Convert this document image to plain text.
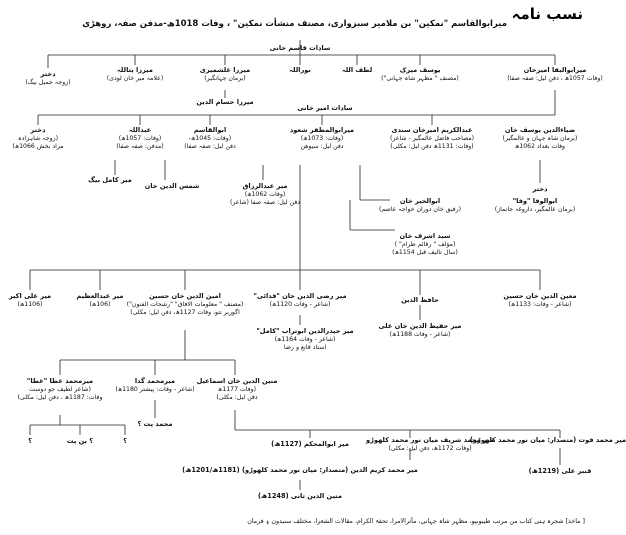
نسب نامہ
میرابوالقاسم "نمکین" بن ملامیر سبزواری، مصنف منشأت نمکین" ، وفات 1018ھ-مدفن صفہ، روھڑی
سادات قاسم خانی
میرابوالبقا امیرخان
(وفات 1057ھ ، دفن لیل: صفہ صفا)
یوسف میرک
(مصنف " مظہر شاہ جہانی")
لطف اللہ
نوراللہ
میرزا علشمیری
(برمان جہانگیر)
میرزا یتاللہ
(علامہ میر خان لودی)
دختر
(زوجہ جمیل بیگ)
میرزا حسام الدین
سادات امیر خانی
ضیاءالدین یوسف خان
(برمان شاہ جہان و عالمگیر)
وفات بغداد 1062ھ
عبدالکریم امیرخان سندی
(مصاحب فاضل عالمگیر - شاعر)
(وفات: 1131ھ دفن لیل: مکلی)
میرابوالمظفر شعود
(وفات: 1073ھ)
دفن لیل: سیوهن
ابوالقاسم
(وفات: 1045ھ-
دفن لیل: صفہ صفا)
عبداللہ
(وفات: 1057ھ)
(مدفن: صفہ صفا)
دختر
(زوجہ شاہزادہ
مراد بخش 1066ھ)
میر کامل بیگ
شمس الدین خان	میر عبدالرزاق
(وفات 1062ھ)
دفن لیل: صفہ صفا (شاعر)
دختر
ابوالوفا "وفا"
(برمان عالمگیر، داروغہ جانماز)
ابوالخیر خان
(رفیق خان دوران خواجہ عاصم)
سید اشرف خان
(مؤلف " رقائم طرام" )
(سال تالیف قبل 1154ھ)
میر علی اکبر
(1106ھ)
میر عبدالعظیم
(106ھ)
امین الدین خان حسین
(مصنف " معلومات الافاق" "رشحات الفنون")
اگوربر تتو، وفات 1127ھ، دفن لیل: مکلی)
میر رضی الدین خان "فدائی"
(شاعر - وفات 1120ھ)
حافظ الدین	معین الدین خان حسین
(شاعر - وفات: 1133ھ)
میر حیدرالدین ابوتراب "کامل"
(شاعر - وفات 1164ھ)
استاد قانع و رضا
میر حفیظ الدین خان علی
(شاعر - وفات 1188ھ)
میرمحمد عطا "عطا"
(شاعر لطیف جو دوست
وفات: 1187ھ ، دفن لیل: مکلی)
میرمحمد گدا
(شاعر - وفات: پیشتر 1180ھ)
متین الدین خان اسماعیل
(وفات 1177ھ
دفن لیل: مکلی)
محمد پت ؟
؟	؟ بن پت	؟	میر ابوالمحکم (1127ھ)	میر محمد شریف میان نور محمد کلھوڑو
(وفات 1172ھ، دفن لیل: مکلی)
میر محمد فوت (متصدار: میان نور محمد کلھوڑو)
میر محمد کریم الدین (متصدار: میان نور محمد کلھوڑو) (1181ھ/1201ھ)	قنبر علی (1219ھ)
متین الدین ثانی (1248ھ)
[ ماخذ] شجرہ ہتی کتاب من مرتب طیبوںپو، مظہر شاہ جہانی، مآثرالامرا، تحفۃ الکرام، مقالات الشعرا، مختلف سنیدون ۽ فرمان
